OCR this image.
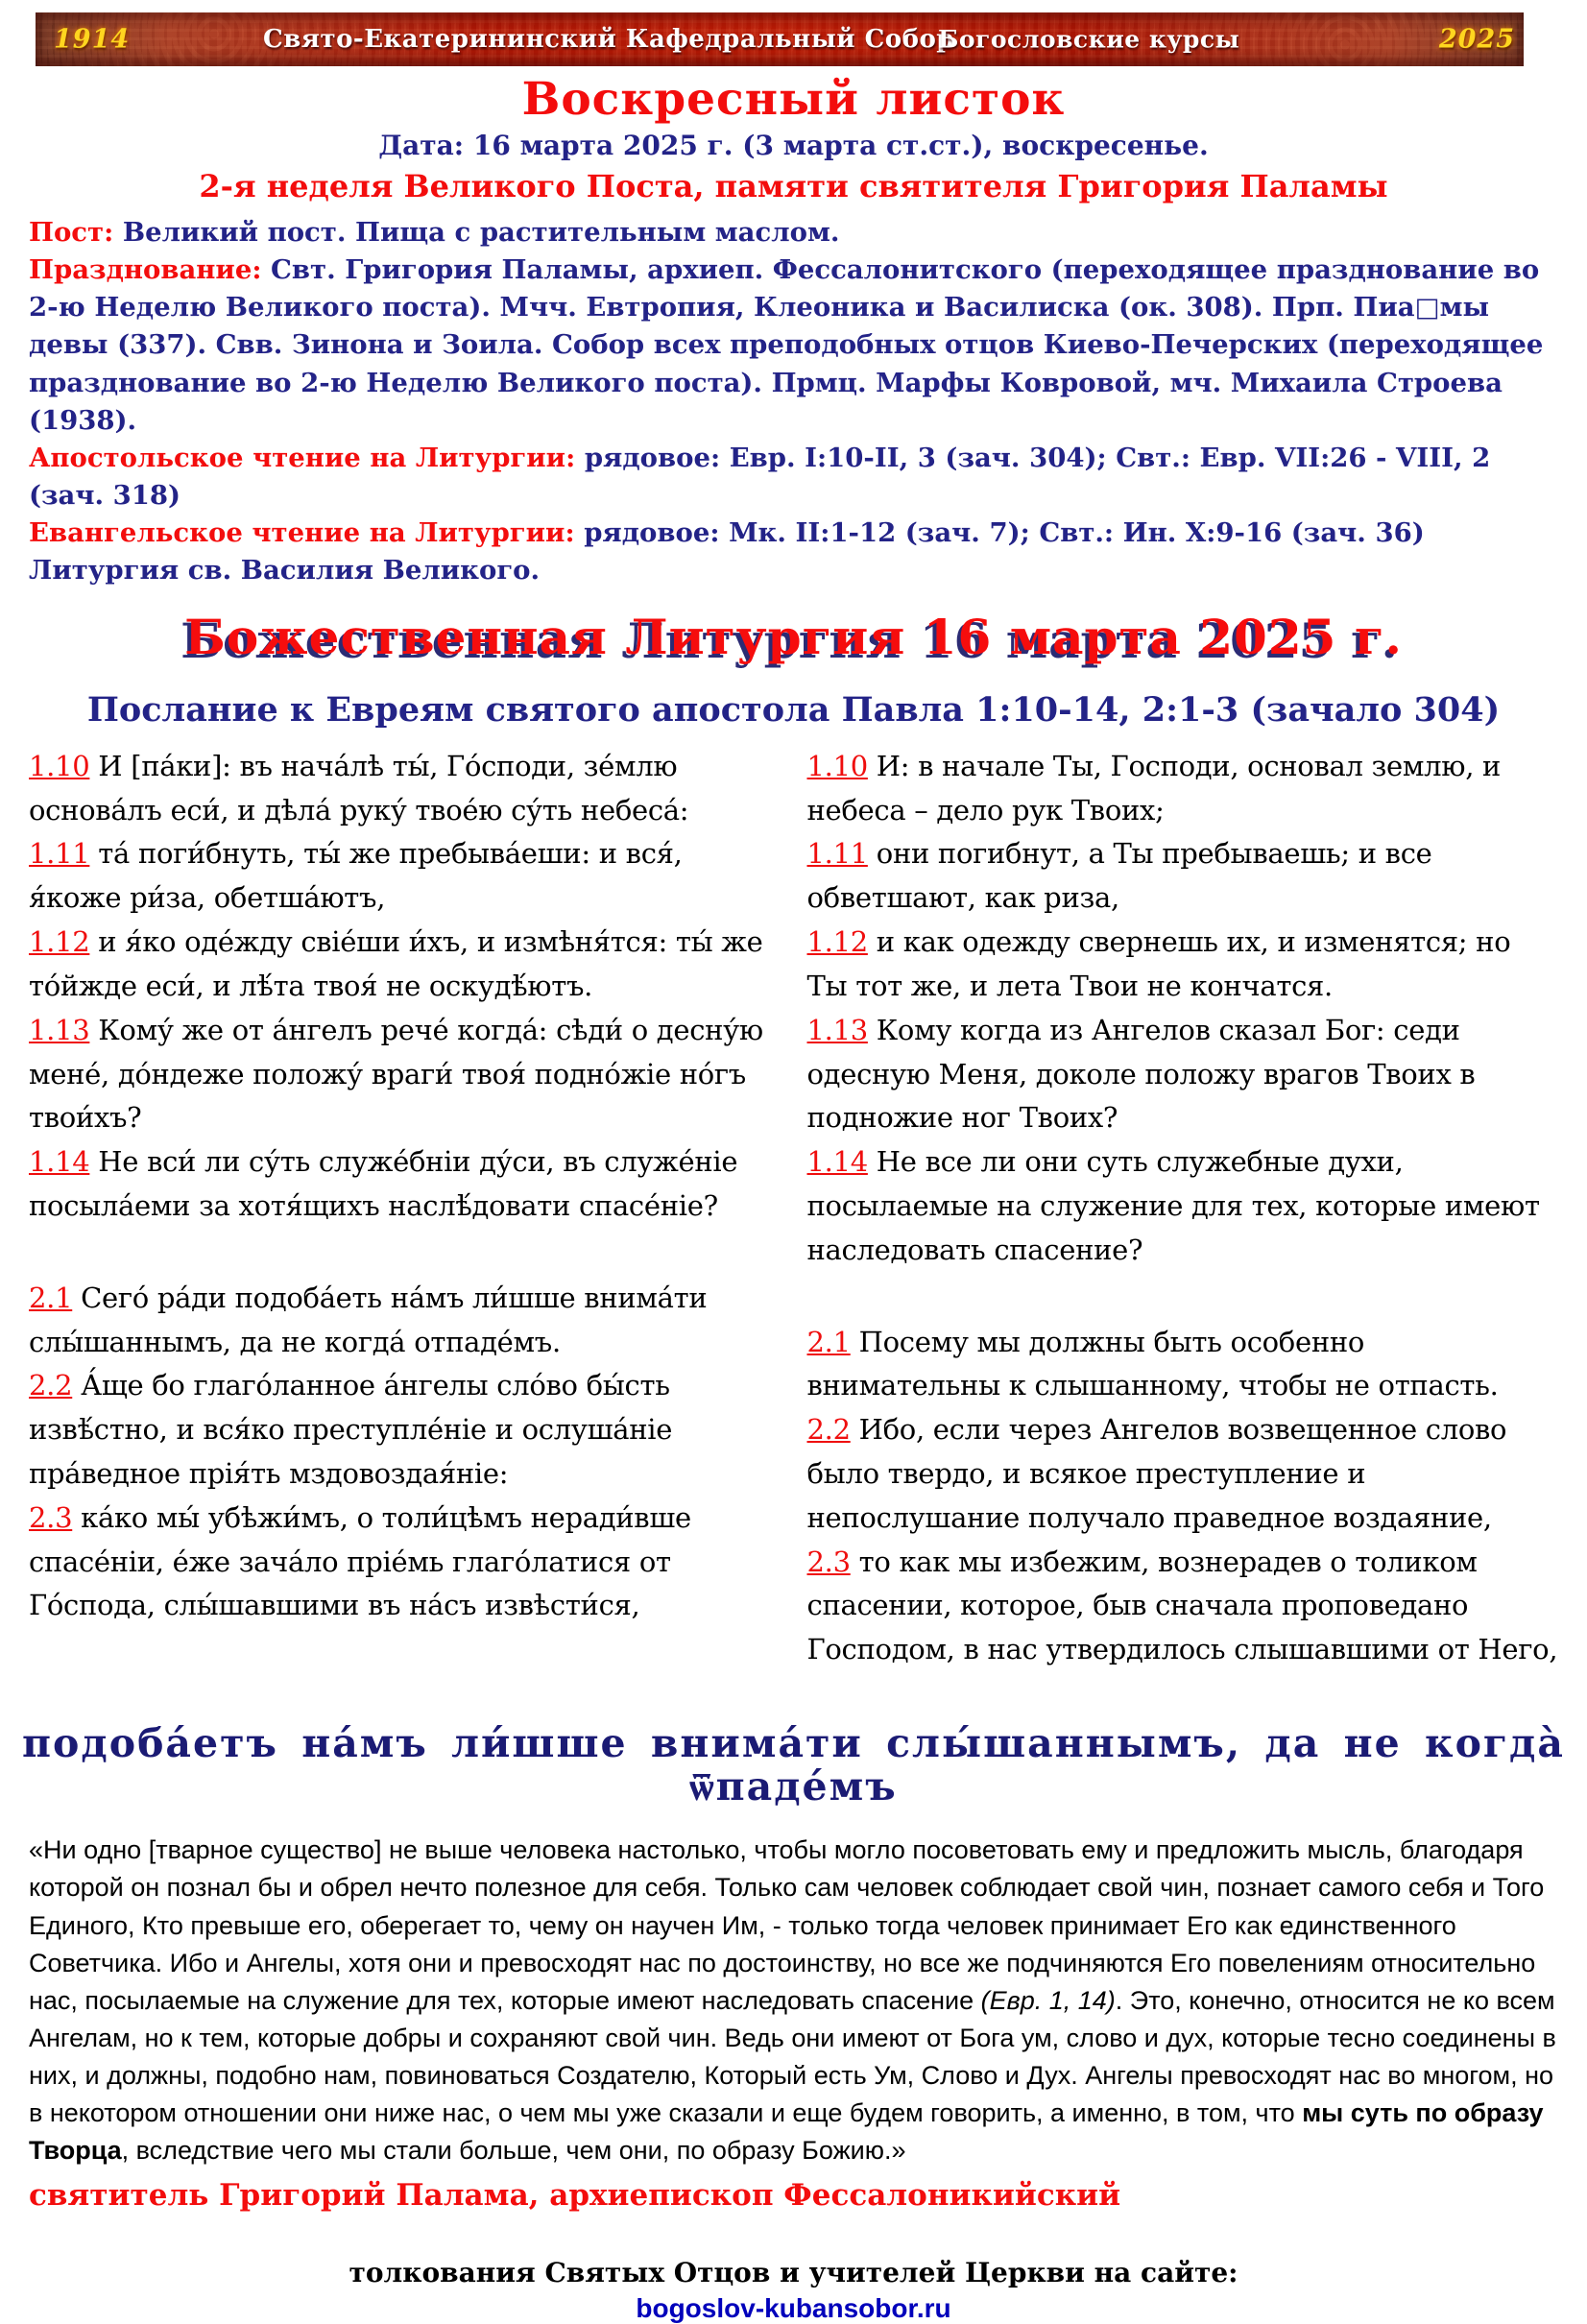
1914	Свято-Екатерининский Кафедральный Собор
Богословские курсы	2025
Воскресный листок

Дата: 16 марта 2025 г. (3 марта ст.ст.), воскресенье.

2-я неделя Великого Поста, памяти святителя Григория Паламы

Пост: Великий пост. Пища с растительным маслом.

Празднование: Свт. Григория Паламы, архиеп. Фессалонитского (переходящее празднование во 2-ю Неделю Великого поста). Мчч. Евтропия, Клеоника и Василиска (ок. 308). Прп. Пиа□мы девы (337). Свв. Зинона и Зоила. Собор всех преподобных отцов Киево-Печерских (переходящее празднование во 2-ю Неделю Великого поста). Прмц. Марфы Ковровой, мч. Михаила Строева (1938).

Апостольское чтение на Литургии: рядовое: Евр. I:10-II, 3 (зач. 304); Свт.: Евр. VII:26 - VIII, 2 (зач. 318)

Евангельское чтение на Литургии: рядовое: Мк. II:1-12 (зач. 7); Свт.: Ин. X:9-16 (зач. 36)

Литургия св. Василия Великого.

Божественная Литургия 16 марта 2025 г.
Послание к Евреям святого апостола Павла 1:10-14, 2:1-3 (зачало 304)

1.10 И [па́ки]: въ нача́лѣ ты́, Го́споди, зе́млю основа́лъ еси́, и дѣла́ руку́ твое́ю су́ть небеса́:

1.11 та́ поги́бнуть, ты́ же пребыва́еши: и вся́, я́коже ри́за, обетша́ютъ,

1.12 и я́ко оде́жду свіе́ши и́хъ, и измѣня́тся: ты́ же то́йжде еси́, и лѣ́та твоя́ не оскудѣ́ютъ.

1.13 Кому́ же от а́нгелъ рече́ когда́: сѣди́ о десну́ю мене́, до́ндеже положу́ враги́ твоя́ подно́жіе но́гъ твои́хъ?

1.14 Не вси́ ли су́ть служе́бніи ду́си, въ служе́ніе посыла́еми за хотя́щихъ наслѣ́довати спасе́ніе?

2.1 Сего́ ра́ди подоба́еть на́мъ ли́шше внима́ти слы́шаннымъ, да не когда́ отпаде́мъ.

2.2 А́ще бо глаго́ланное а́нгелы сло́во бы́сть извѣ́стно, и вся́ко преступле́ніе и ослуша́ніе пра́ведное прія́ть мздовоздая́ніе:

2.3 ка́ко мы́ убѣжи́мъ, о толи́цѣмъ неради́вше спасе́ніи, е́же зача́ло пріе́мь глаго́латися от Го́спода, слы́шавшими въ на́съ извѣсти́ся,

1.10 И: в начале Ты, Господи, основал землю, и небеса – дело рук Твоих;

1.11 они погибнут, а Ты пребываешь; и все обветшают, как риза,

1.12 и как одежду свернешь их, и изменятся; но Ты тот же, и лета Твои не кончатся.

1.13 Кому когда из Ангелов сказал Бог: седи одесную Меня, доколе положу врагов Твоих в подножие ног Твоих?

1.14 Не все ли они суть служебные духи, посылаемые на служение для тех, которые имеют наследовать спасение?

2.1 Посему мы должны быть особенно внимательны к слышанному, чтобы не отпасть.

2.2 Ибо, если через Ангелов возвещенное слово было твердо, и всякое преступление и непослушание получало праведное воздаяние,

2.3 то как мы избежим, вознерадев о толиком спасении, которое, быв сначала проповедано Господом, в нас утвердилось слышавшими от Него,

подоба́етъ на́мъ ли́шше внима́ти слы́шаннымъ, да не когда̀ ѿпаде́мъ

«Ни одно [тварное существо] не выше человека настолько, чтобы могло посоветовать ему и предложить мысль, благодаря которой он познал бы и обрел нечто полезное для себя. Только сам человек соблюдает свой чин, познает самого себя и Того Единого, Кто превыше его, оберегает то, чему он научен Им, - только тогда человек принимает Его как единственного Советчика. Ибо и Ангелы, хотя они и превосходят нас по достоинству, но все же подчиняются Его повелениям относительно нас, посылаемые на служение для тех, которые имеют наследовать спасение (Евр. 1, 14). Это, конечно, относится не ко всем Ангелам, но к тем, которые добры и сохраняют свой чин. Ведь они имеют от Бога ум, слово и дух, которые тесно соединены в них, и должны, подобно нам, повиноваться Создателю, Который есть Ум, Слово и Дух. Ангелы превосходят нас во многом, но в некотором отношении они ниже нас, о чем мы уже сказали и еще будем говорить, а именно, в том, что мы суть по образу Творца, вследствие чего мы стали больше, чем они, по образу Божию.»

святитель Григорий Палама, архиепископ Фессалоникийский

толкования Святых Отцов и учителей Церкви на сайте:

bogoslov-kubansobor.ru
